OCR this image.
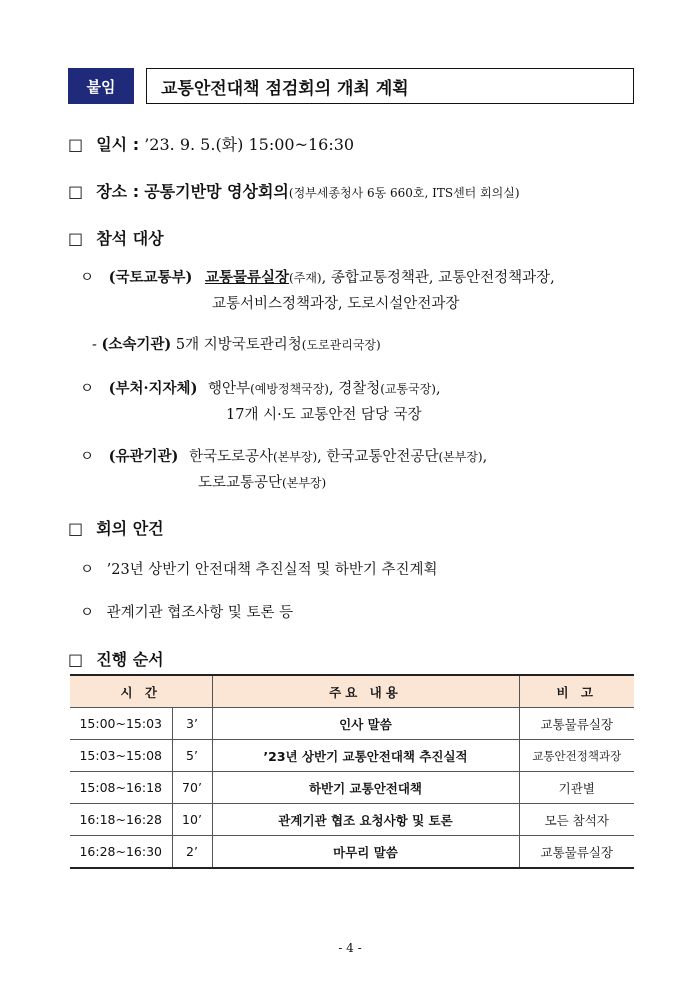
붙임	교통안전대책 점검회의 개최 계획
□ 일시 : ’23. 9. 5.(화) 15:00~16:30
□ 장소 : 공통기반망 영상회의(정부세종청사 6동 660호, ITS센터 회의실)
□ 참석 대상
ㅇ (국토교통부) 교통물류실장(주재), 종합교통정책관, 교통안전정책과장,
교통서비스정책과장, 도로시설안전과장
- (소속기관) 5개 지방국토관리청(도로관리국장)
ㅇ (부처·지자체) 행안부(예방정책국장), 경찰청(교통국장),
17개 시·도 교통안전 담당 국장
ㅇ (유관기관) 한국도로공사(본부장), 한국교통안전공단(본부장),
도로교통공단(본부장)
□ 회의 안건
ㅇ ’23년 상반기 안전대책 추진실적 및 하반기 추진계획
ㅇ 관계기관 협조사항 및 토론 등
□ 진행 순서
시 간		주요 내용	비 고
15:00~15:03	3’	인사 말씀	교통물류실장
15:03~15:08	5’	’23년 상반기 교통안전대책 추진실적	교통안전정책과장
15:08~16:18	70’	하반기 교통안전대책	기관별
16:18~16:28	10’	관계기관 협조 요청사항 및 토론	모든 참석자
16:28~16:30	2’	마무리 말씀	교통물류실장
- 4 -
